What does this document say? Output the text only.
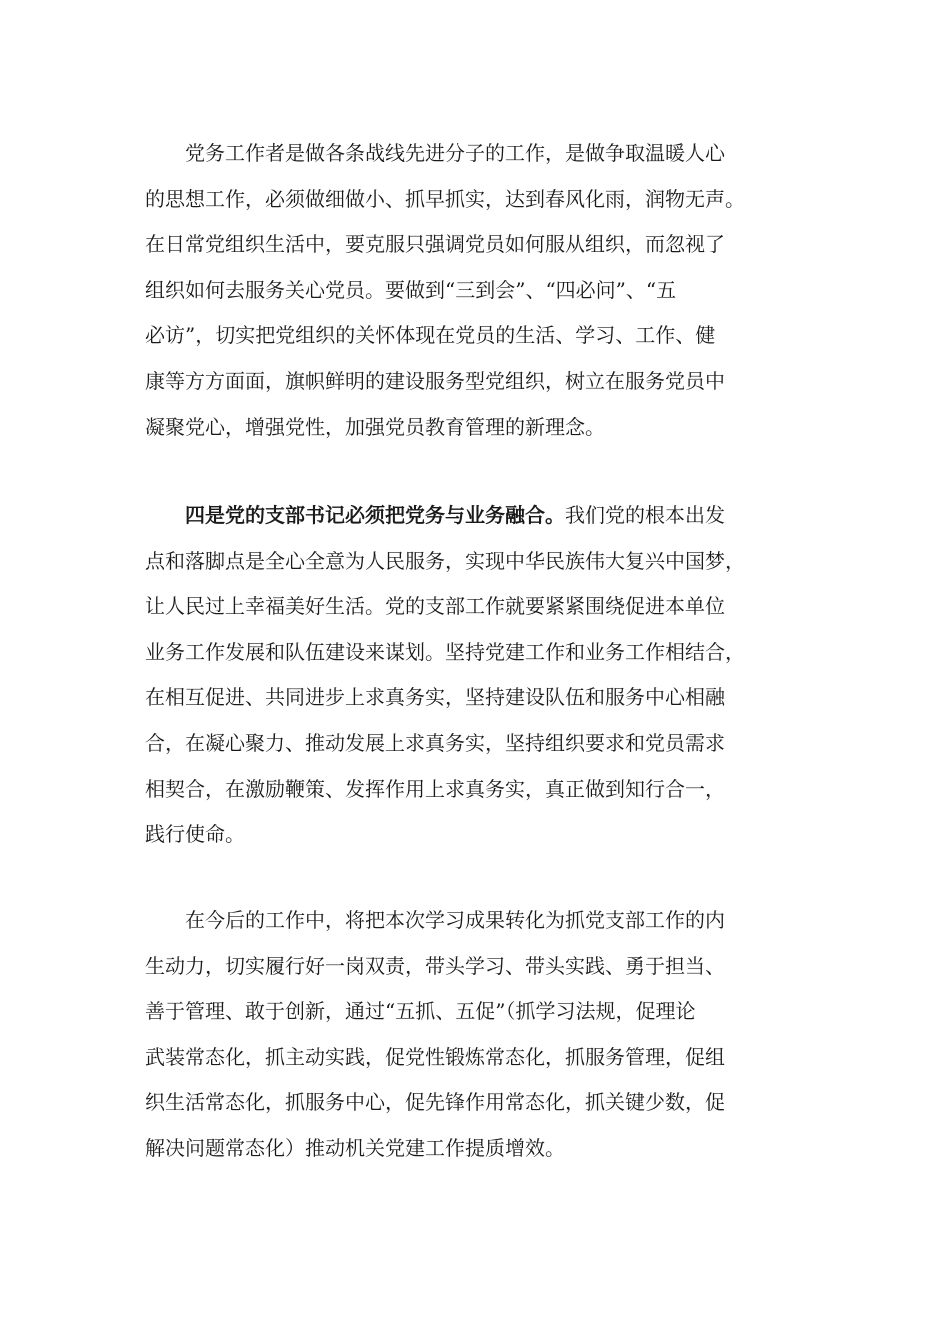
党务工作者是做各条战线先进分子的工作，是做争取温暖人心
的思想工作，必须做细做小、抓早抓实，达到春风化雨，润物无声。
在日常党组织生活中，要克服只强调党员如何服从组织，而忽视了
组织如何去服务关心党员。要做到“三到会”、“四必问”、“五
必访”，切实把党组织的关怀体现在党员的生活、学习、工作、健
康等方方面面，旗帜鲜明的建设服务型党组织，树立在服务党员中
凝聚党心，增强党性，加强党员教育管理的新理念。
四是党的支部书记必须把党务与业务融合。我们党的根本出发
点和落脚点是全心全意为人民服务，实现中华民族伟大复兴中国梦，
让人民过上幸福美好生活。党的支部工作就要紧紧围绕促进本单位
业务工作发展和队伍建设来谋划。坚持党建工作和业务工作相结合，
在相互促进、共同进步上求真务实，坚持建设队伍和服务中心相融
合，在凝心聚力、推动发展上求真务实，坚持组织要求和党员需求
相契合，在激励鞭策、发挥作用上求真务实，真正做到知行合一，
践行使命。
在今后的工作中，将把本次学习成果转化为抓党支部工作的内
生动力，切实履行好一岗双责，带头学习、带头实践、勇于担当、
善于管理、敢于创新，通过“五抓、五促”（抓学习法规，促理论
武装常态化，抓主动实践，促党性锻炼常态化，抓服务管理，促组
织生活常态化，抓服务中心，促先锋作用常态化，抓关键少数，促
解决问题常态化）推动机关党建工作提质增效。
